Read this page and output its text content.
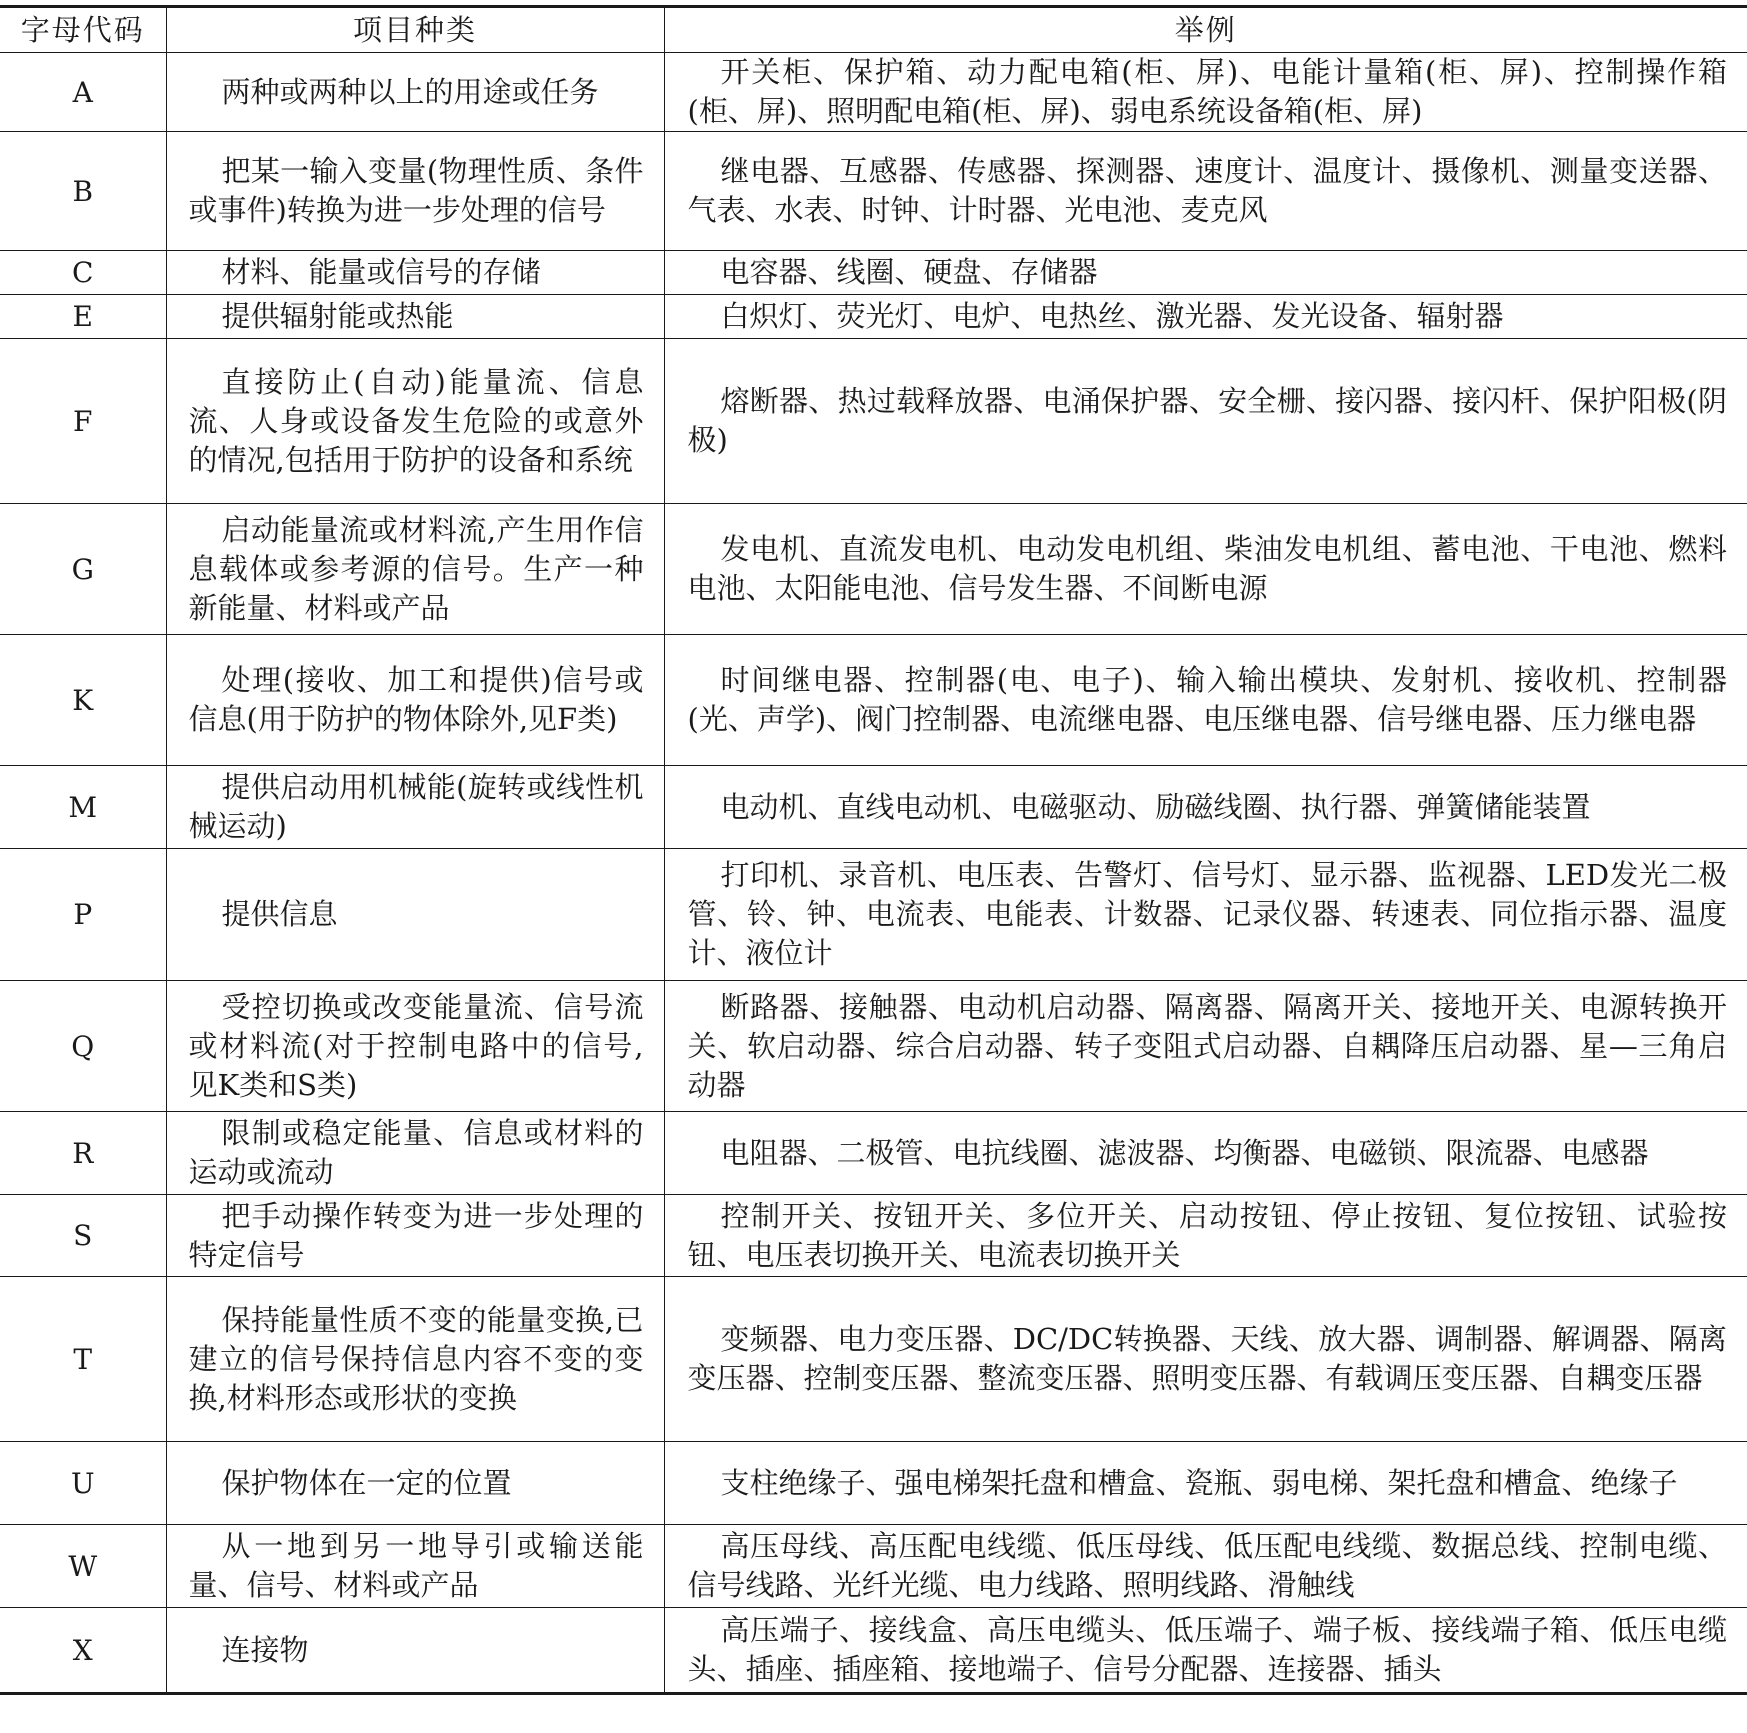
字母代码	项目种类	举例
A	两种或两种以上的用途或任务	开关柜、保护箱、动力配电箱(柜、屏)、电能计量箱(柜、屏)、控制操作箱(柜、屏)、照明配电箱(柜、屏)、弱电系统设备箱(柜、屏)
B	把某一输入变量(物理性质、条件或事件)转换为进一步处理的信号	继电器、互感器、传感器、探测器、速度计、温度计、摄像机、测量变送器、气表、水表、时钟、计时器、光电池、麦克风
C	材料、能量或信号的存储	电容器、线圈、硬盘、存储器
E	提供辐射能或热能	白炽灯、荧光灯、电炉、电热丝、激光器、发光设备、辐射器
F	直接防止(自动)能量流、信息流、人身或设备发生危险的或意外的情况,包括用于防护的设备和系统	熔断器、热过载释放器、电涌保护器、安全栅、接闪器、接闪杆、保护阳极(阴极)
G	启动能量流或材料流,产生用作信息载体或参考源的信号。生产一种新能量、材料或产品	发电机、直流发电机、电动发电机组、柴油发电机组、蓄电池、干电池、燃料电池、太阳能电池、信号发生器、不间断电源
K	处理(接收、加工和提供)信号或信息(用于防护的物体除外,见F类)	时间继电器、控制器(电、电子)、输入输出模块、发射机、接收机、控制器(光、声学)、阀门控制器、电流继电器、电压继电器、信号继电器、压力继电器
M	提供启动用机械能(旋转或线性机械运动)	电动机、直线电动机、电磁驱动、励磁线圈、执行器、弹簧储能装置
P	提供信息	打印机、录音机、电压表、告警灯、信号灯、显示器、监视器、LED发光二极管、铃、钟、电流表、电能表、计数器、记录仪器、转速表、同位指示器、温度计、液位计
Q	受控切换或改变能量流、信号流或材料流(对于控制电路中的信号,见K类和S类)	断路器、接触器、电动机启动器、隔离器、隔离开关、接地开关、电源转换开关、软启动器、综合启动器、转子变阻式启动器、自耦降压启动器、星—三角启动器
R	限制或稳定能量、信息或材料的运动或流动	电阻器、二极管、电抗线圈、滤波器、均衡器、电磁锁、限流器、电感器
S	把手动操作转变为进一步处理的特定信号	控制开关、按钮开关、多位开关、启动按钮、停止按钮、复位按钮、试验按钮、电压表切换开关、电流表切换开关
T	保持能量性质不变的能量变换,已建立的信号保持信息内容不变的变换,材料形态或形状的变换	变频器、电力变压器、DC/DC转换器、天线、放大器、调制器、解调器、隔离变压器、控制变压器、整流变压器、照明变压器、有载调压变压器、自耦变压器
U	保护物体在一定的位置	支柱绝缘子、强电梯架托盘和槽盒、瓷瓶、弱电梯、架托盘和槽盒、绝缘子
W	从一地到另一地导引或输送能量、信号、材料或产品	高压母线、高压配电线缆、低压母线、低压配电线缆、数据总线、控制电缆、信号线路、光纤光缆、电力线路、照明线路、滑触线
X	连接物	高压端子、接线盒、高压电缆头、低压端子、端子板、接线端子箱、低压电缆头、插座、插座箱、接地端子、信号分配器、连接器、插头
